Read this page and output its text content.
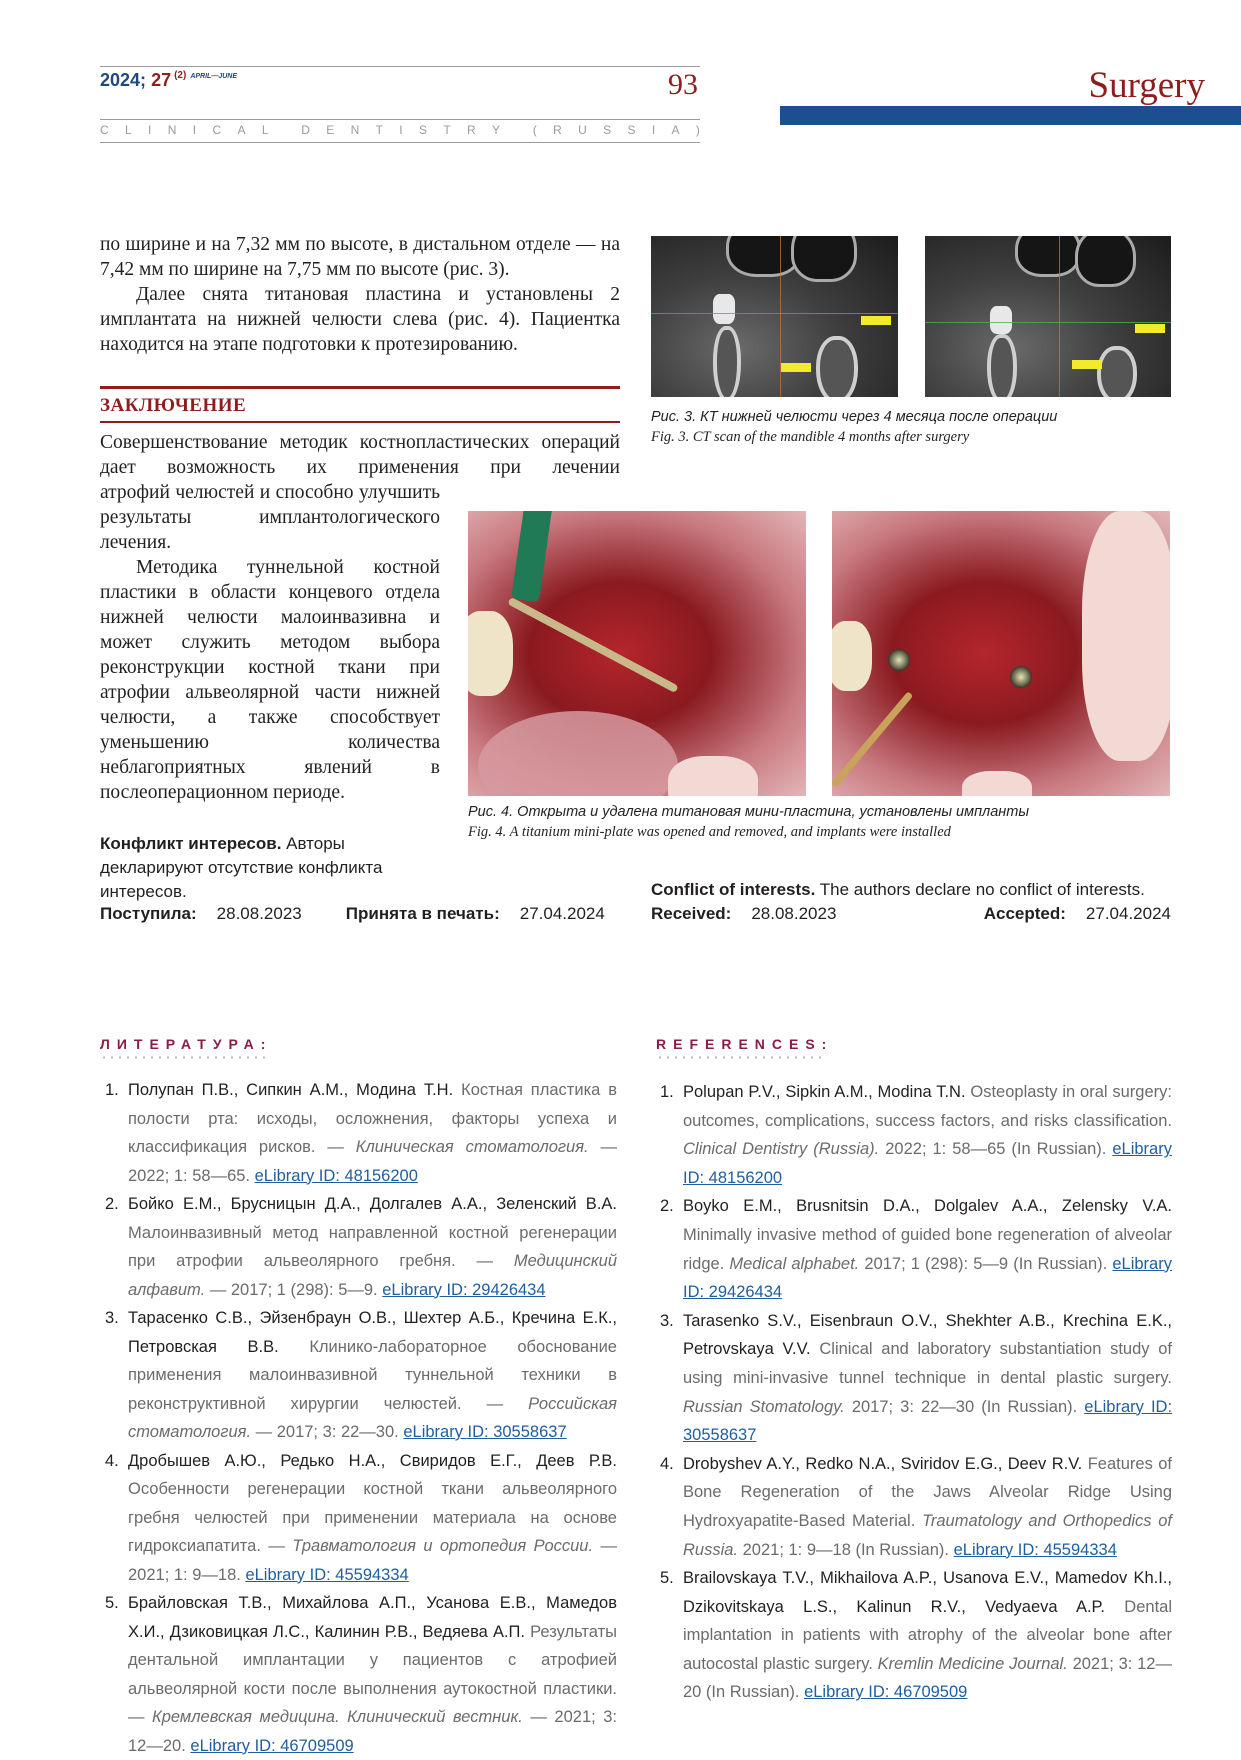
2024; 27 $^{(2)}$ $^{APRIL—JUNE}$	93
C L I N I C A L	D E N T I S T R Y	( R U S S I A )
Surgery

по ширине и на 7,32 мм по высоте, в дистальном отделе — на 7,42 мм по ширине на 7,75 мм по высоте (рис. 3).

Далее снята титановая пластина и установлены 2 имплантата на нижней челюсти слева (рис. 4). Пациентка находится на этапе подготовки к протезированию.

ЗАКЛЮЧЕНИЕ

Совершенствование методик костнопластических операций дает возможность их применения при лечении

атрофий челюстей и способно улучшить результаты имплантологического лечения.

Методика туннельной костной пластики в области концевого отдела нижней челюсти малоинвазивна и может служить методом выбора реконструкции костной ткани при атрофии альвеолярной части нижней челюсти, а также способствует уменьшению количества неблагоприятных явлений в послеоперационном периоде.

Рис. 3. КТ нижней челюсти через 4 месяца после операции
Fig. 3. CT scan of the mandible 4 months after surgery
Рис. 4. Открыта и удалена титановая мини-пластина, установлены импланты
Fig. 4. A titanium mini-plate was opened and removed, and implants were installed
Конфликт интересов. Авторы декларируют отсутствие конфликта интересов.	Conflict of interests. The authors declare no conflict of interests.
Поступила: 28.08.2023	Принята в печать: 27.04.2024	Received: 28.08.2023	Accepted: 27.04.2024
ЛИТЕРАТУРА:
1. Полупан П.В., Сипкин А.М., Модина Т.Н. Костная пластика в полости рта: исходы, осложнения, факторы успеха и классификация рисков. — Клиническая стоматология. — 2022; 1: 58—65. eLibrary ID: 48156200
2. Бойко Е.М., Брусницын Д.А., Долгалев А.А., Зеленский В.А. Малоинвазивный метод направленной костной регенерации при атрофии альвеолярного гребня. — Медицинский алфавит. — 2017; 1 (298): 5—9. eLibrary ID: 29426434
3. Тарасенко С.В., Эйзенбраун О.В., Шехтер А.Б., Кречина Е.К., Петровская В.В. Клинико-лабораторное обоснование применения малоинвазивной туннельной техники в реконструктивной хирургии челюстей. — Российская стоматология. — 2017; 3: 22—30. eLibrary ID: 30558637
4. Дробышев А.Ю., Редько Н.А., Свиридов Е.Г., Деев Р.В. Особенности регенерации костной ткани альвеолярного гребня челюстей при применении материала на основе гидроксиапатита. — Травматология и ортопедия России. — 2021; 1: 9—18. eLibrary ID: 45594334
5. Брайловская Т.В., Михайлова А.П., Усанова Е.В., Мамедов Х.И., Дзиковицкая Л.С., Калинин Р.В., Ведяева А.П. Результаты дентальной имплантации у пациентов с атрофией альвеолярной кости после выполнения аутокостной пластики. — Кремлевская медицина. Клинический вестник. — 2021; 3: 12—20. eLibrary ID: 46709509
REFERENCES:
1. Polupan P.V., Sipkin A.M., Modina T.N. Osteoplasty in oral surgery: outcomes, complications, success factors, and risks classification. Clinical Dentistry (Russia). 2022; 1: 58—65 (In Russian). eLibrary ID: 48156200
2. Boyko E.M., Brusnitsin D.A., Dolgalev A.A., Zelensky V.A. Minimally invasive method of guided bone regeneration of alveolar ridge. Medical alphabet. 2017; 1 (298): 5—9 (In Russian). eLibrary ID: 29426434
3. Tarasenko S.V., Eisenbraun O.V., Shekhter A.B., Krechina E.K., Petrovskaya V.V. Clinical and laboratory substantiation study of using mini-invasive tunnel technique in dental plastic surgery. Russian Stomatology. 2017; 3: 22—30 (In Russian). eLibrary ID: 30558637
4. Drobyshev A.Y., Redko N.A., Sviridov E.G., Deev R.V. Features of Bone Regeneration of the Jaws Alveolar Ridge Using Hydroxyapatite-Based Material. Traumatology and Orthopedics of Russia. 2021; 1: 9—18 (In Russian). eLibrary ID: 45594334
5. Brailovskaya T.V., Mikhailova A.P., Usanova E.V., Mamedov Kh.I., Dzikovitskaya L.S., Kalinun R.V., Vedyaeva A.P. Dental implantation in patients with atrophy of the alveolar bone after autocostal plastic surgery. Kremlin Medicine Journal. 2021; 3: 12—20 (In Russian). eLibrary ID: 46709509
